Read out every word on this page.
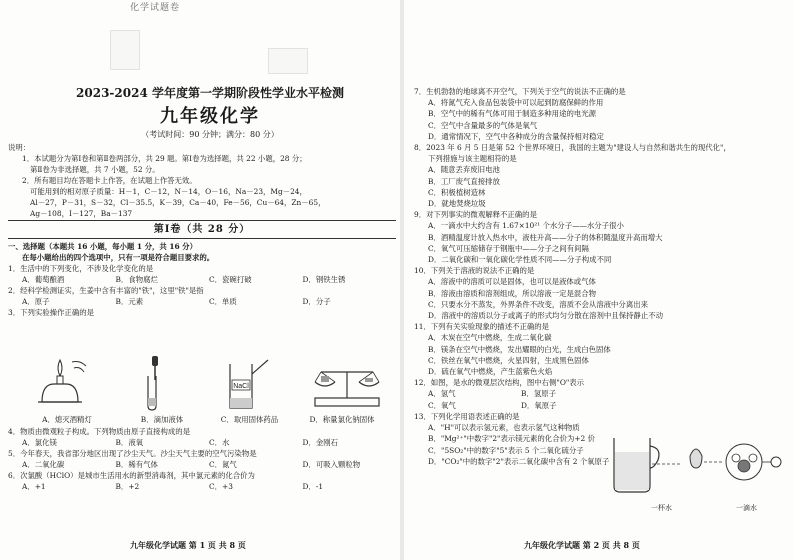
化学试题卷
2023-2024 学年度第一学期阶段性学业水平检测
九年级化学
（考试时间：90 分钟；满分：80 分）
说明：
1．本试题分为第Ⅰ卷和第Ⅱ卷两部分，共 29 题。第Ⅰ卷为选择题，共 22 小题，28 分；
第Ⅱ卷为非选择题，共 7 小题，52 分。
2．所有题目均在答题卡上作答，在试题上作答无效。
可能用到的相对原子质量：H－1，C－12，N－14，O－16，Na－23，Mg－24，
Al－27，P－31，S－32，Cl－35.5，K－39，Ca－40，Fe－56，Cu－64，Zn－65，
Ag－108，I－127，Ba－137
第Ⅰ卷（共 28 分）
一、选择题（本题共 16 小题，每小题 1 分，共 16 分）
在每小题给出的四个选项中，只有一项是符合题目要求的。
1．生活中的下列变化，不涉及化学变化的是
A．葡萄酿酒	B．食物腐烂	C．瓷碗打破	D．钢铁生锈
2．经科学检测证实，生姜中含有丰富的"铁"，这里"铁"是指
A．原子	B．元素	C．单质	D．分子
3．下列实验操作正确的是
NaCl
A．熄灭酒精灯	B．滴加液体	C．取用固体药品	D．称量氯化钠固体
4．物质由微观粒子构成。下列物质由原子直接构成的是
A．氯化镁	B．液氧	C．水	D．金刚石
5．今年春天，我省部分地区出现了沙尘天气。沙尘天气主要的空气污染物是
A．二氧化碳	B．稀有气体	C．氮气	D．可吸入颗粒物
6．次氯酸（HClO）是城市生活用水的新型消毒剂，其中氯元素的化合价为
A．+1	B．+2	C．+3	D．-1
九年级化学试题 第 1 页 共 8 页
7．生机勃勃的地球离不开空气，下列关于空气的说法不正确的是
A．将氮气充入食品包装袋中可以起到防腐保鲜的作用
B．空气中的稀有气体可用于制造多种用途的电光源
C．空气中含量最多的气体是氧气
D．通常情况下，空气中各种成分的含量保持相对稳定
8．2023 年 6 月 5 日是第 52 个世界环境日，我国的主题为"建设人与自然和谐共生的现代化"，
下列措施与该主题相符的是
A．随意丢弃废旧电池
B．工厂废气直接排放
C．积极植树造林
D．就地焚烧垃圾
9．对下列事实的微观解释不正确的是
A．一滴水中大约含有 1.67×10²¹ 个水分子——水分子很小
B．酒精温度计放入热水中，液柱升高——分子的体积随温度升高而增大
C．氧气可压缩储存于钢瓶中——分子之间有间隔
D．二氧化碳和一氧化碳化学性质不同——分子构成不同
10．下列关于溶液的说法不正确的是
A．溶液中的溶质可以是固体，也可以是液体或气体
B．溶液由溶质和溶剂组成，所以溶液一定是混合物
C．只要水分不蒸发，外界条件不改变，溶质不会从溶液中分离出来
D．溶液中的溶质以分子或离子的形式均匀分散在溶剂中且保持静止不动
11．下列有关实验现象的描述不正确的是
A．木炭在空气中燃烧，生成二氧化碳
B．镁条在空气中燃烧，发出耀眼的白光，生成白色固体
C．铁丝在氧气中燃烧，火星四射，生成黑色固体
D．硫在氧气中燃烧，产生蓝紫色火焰
12．如图，是水的微观层次结构，图中右侧"O"表示
A．氢气	B．氢原子
C．氧气	D．氧原子
13．下列化学用语表述正确的是
A．"H"可以表示氢元素，也表示氢气这种物质
B．"Mg²⁺"中数字"2"表示镁元素的化合价为+2 价
C．"5SO₂"中的数字"5"表示 5 个二氧化硫分子
D．"CO₂"中的数字"2"表示二氧化碳中含有 2 个氧原子
一杯水	一滴水
九年级化学试题 第 2 页 共 8 页
